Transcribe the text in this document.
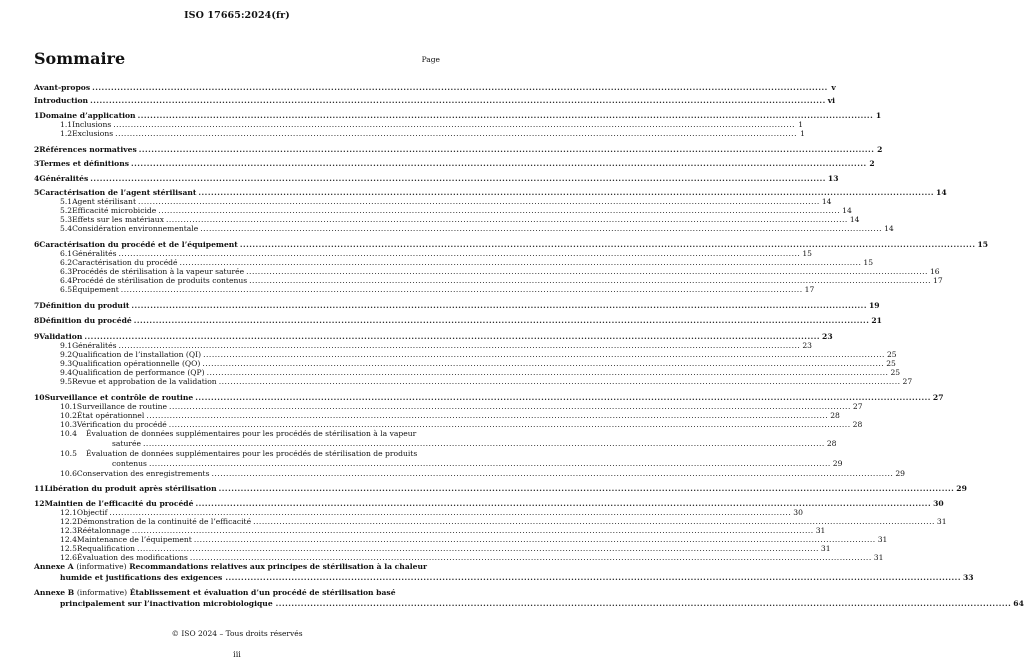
ISO 17665:2024(fr)
Sommaire	Page
Avant-propos .....	v
Introduction .....	vi
1 Domaine d’application .....	1
1.1 Inclusions .....	1
1.2 Exclusions .....	1
2 Références normatives .....	2
3 Termes et définitions .....	2
4 Généralités .....	13
5 Caractérisation de l’agent stérilisant .....	14
5.1 Agent stérilisant .....	14
5.2 Efficacité microbicide .....	14
5.3 Effets sur les matériaux .....	14
5.4 Considération environnementale .....	14
6 Caractérisation du procédé et de l’équipement .....	15
6.1 Généralités .....	15
6.2 Caractérisation du procédé .....	15
6.3 Procédés de stérilisation à la vapeur saturée .....	16
6.4 Procédé de stérilisation de produits contenus .....	17
6.5 Équipement .....	17
7 Définition du produit .....	19
8 Définition du procédé .....	21
9 Validation .....	23
9.1 Généralités .....	23
9.2 Qualification de l’installation (QI) .....	25
9.3 Qualification opérationnelle (QO) .....	25
9.4 Qualification de performance (QP) .....	25
9.5 Revue et approbation de la validation .....	27
10 Surveillance et contrôle de routine .....	27
10.1 Surveillance de routine .....	27
10.2 État opérationnel .....	28
10.3 Vérification du procédé .....	28
10.4 Évaluation de données supplémentaires pour les procédés de stérilisation à la vapeur
saturée .....	28
10.5 Évaluation de données supplémentaires pour les procédés de stérilisation de produits
contenus .....	29
10.6 Conservation des enregistrements .....	29
11 Libération du produit après stérilisation .....	29
12 Maintien de l’efficacité du procédé .....	30
12.1 Objectif .....	30
12.2 Démonstration de la continuité de l’efficacité .....	31
12.3 Réétalonnage .....	31
12.4 Maintenance de l’équipement .....	31
12.5 Requalification .....	31
12.6 Évaluation des modifications .....	31
Annexe A (informative) Recommandations relatives aux principes de stérilisation à la chaleur
humide et justifications des exigences .....	33
Annexe B (informative) Établissement et évaluation d’un procédé de stérilisation basé
principalement sur l’inactivation microbiologique .....	64
© ISO 2024 – Tous droits réservés
iii
